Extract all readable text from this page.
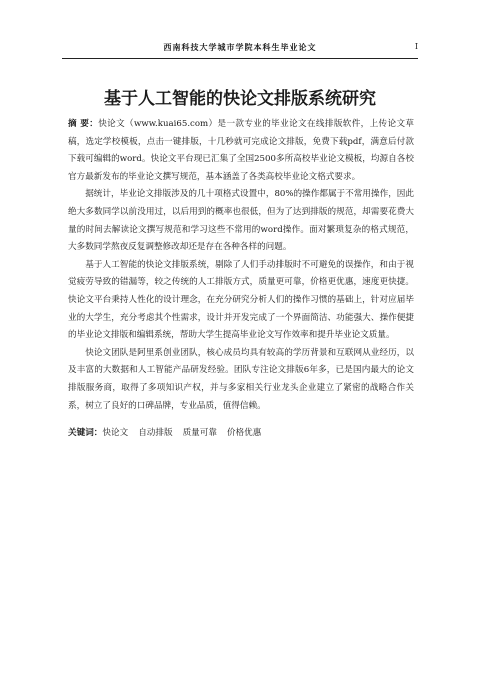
西南科技大学城市学院本科生毕业论文	I
基于人工智能的快论文排版系统研究

摘 要：快论文（www.kuai65.com）是一款专业的毕业论文在线排版软件，上传论文草稿，选定学校模板，点击一键排版，十几秒就可完成论文排版，免费下载pdf，满意后付款下载可编辑的word。快论文平台现已汇集了全国2500多所高校毕业论文模板，均源自各校官方最新发布的毕业论文撰写规范，基本涵盖了各类高校毕业论文格式要求。

据统计，毕业论文排版涉及的几十项格式设置中，80%的操作都属于不常用操作，因此绝大多数同学以前没用过，以后用到的概率也很低，但为了达到排版的规范，却需要花费大量的时间去解读论文撰写规范和学习这些不常用的word操作。面对繁琐复杂的格式规范，大多数同学熬夜反复调整修改却还是存在各种各样的问题。

基于人工智能的快论文排版系统，剔除了人们手动排版时不可避免的误操作，和由于视觉疲劳导致的错漏等，较之传统的人工排版方式，质量更可靠，价格更优惠，速度更快捷。快论文平台秉持人性化的设计理念，在充分研究分析人们的操作习惯的基础上，针对应届毕业的大学生，充分考虑其个性需求，设计并开发完成了一个界面简洁、功能强大、操作便捷的毕业论文排版和编辑系统，帮助大学生提高毕业论文写作效率和提升毕业论文质量。

快论文团队是阿里系创业团队，核心成员均具有较高的学历背景和互联网从业经历，以及丰富的大数据和人工智能产品研发经验。团队专注论文排版6年多，已是国内最大的论文排版服务商，取得了多项知识产权，并与多家相关行业龙头企业建立了紧密的战略合作关系，树立了良好的口碑品牌，专业品质，值得信赖。

关键词：快论文 自动排版 质量可靠 价格优惠
